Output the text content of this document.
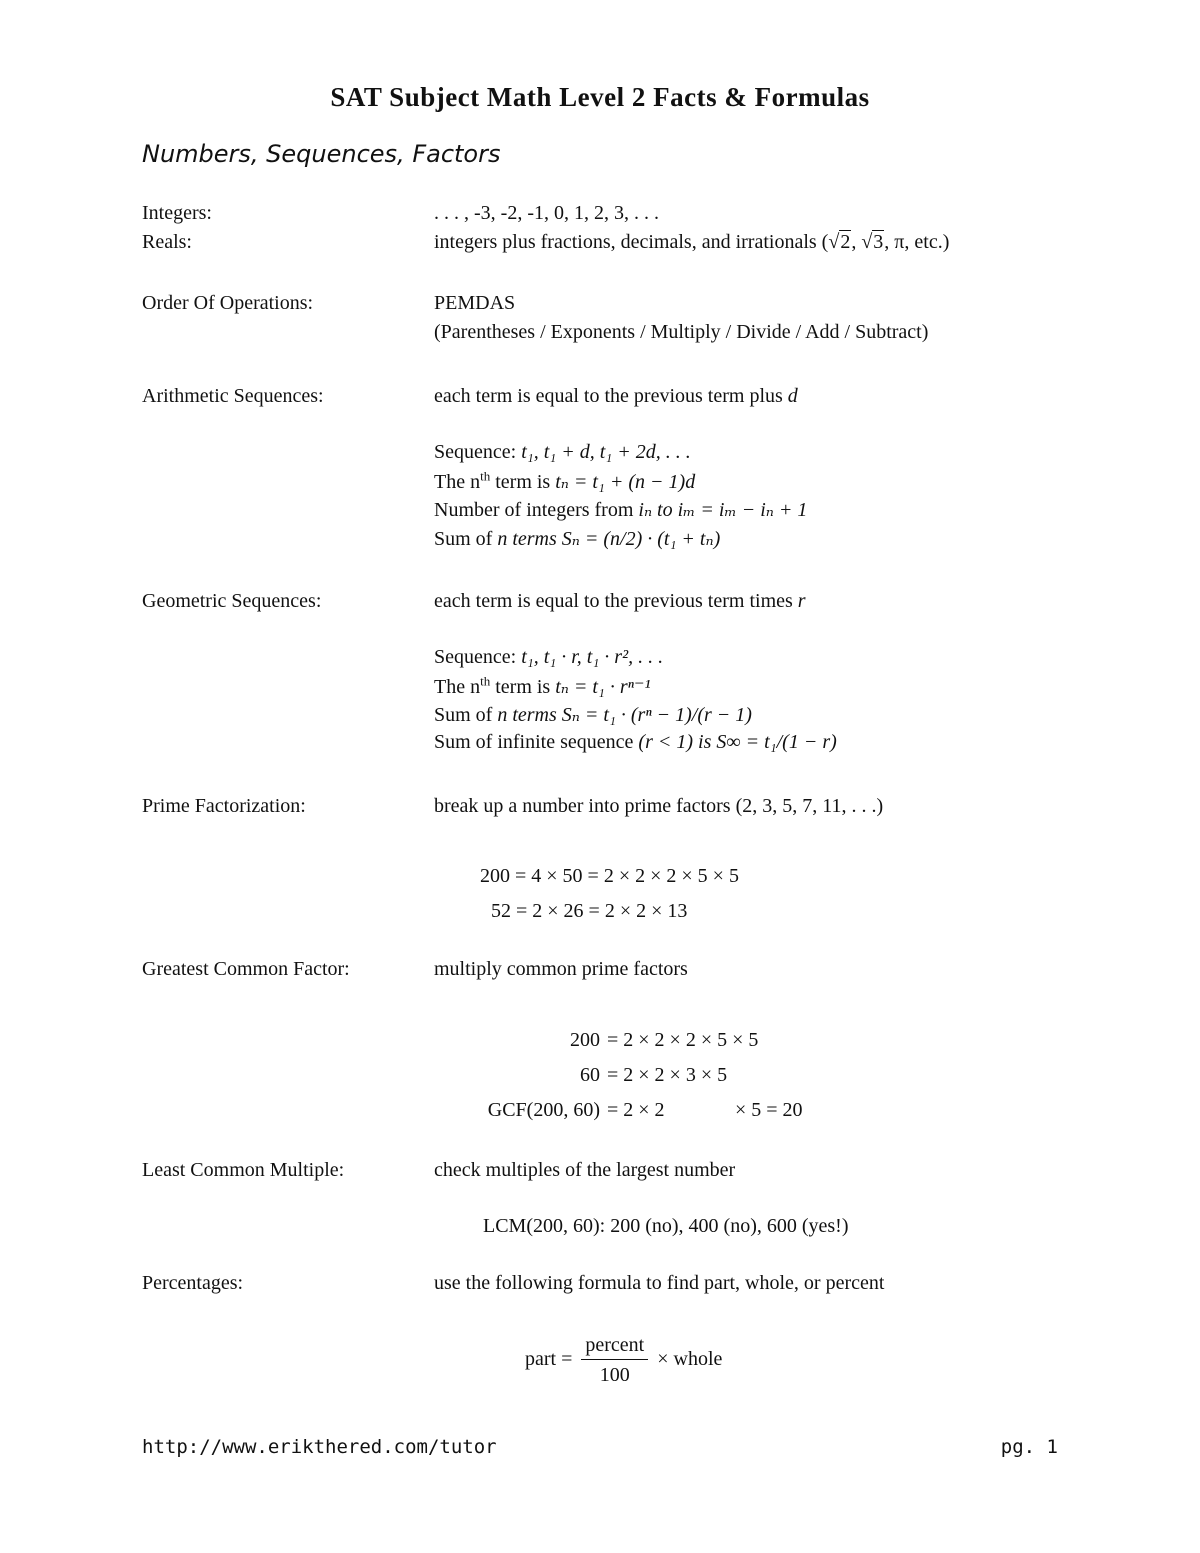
SAT Subject Math Level 2 Facts & Formulas
Numbers, Sequences, Factors
Integers:	. . . , -3, -2, -1, 0, 1, 2, 3, . . .
Reals:	integers plus fractions, decimals, and irrationals (√2, √3, π, etc.)
Order Of Operations:	PEMDAS
(Parentheses / Exponents / Multiply / Divide / Add / Subtract)
Arithmetic Sequences:	each term is equal to the previous term plus d
Sequence: t₁, t₁ + d, t₁ + 2d, . . .
The $n^{th}$ term is tₙ = t₁ + (n − 1)d
Number of integers from iₙ to iₘ = iₘ − iₙ + 1
Sum of n terms Sₙ = (n/2) · (t₁ + tₙ)
Geometric Sequences:	each term is equal to the previous term times r
Sequence: t₁, t₁ · r, t₁ · r², . . .
The $n^{th}$ term is tₙ = t₁ · rⁿ⁻¹
Sum of n terms Sₙ = t₁ · (rⁿ − 1)/(r − 1)
Sum of infinite sequence (r < 1) is S∞ = t₁/(1 − r)
Prime Factorization:	break up a number into prime factors (2, 3, 5, 7, 11, . . .)
200 = 4 × 50 = 2 × 2 × 2 × 5 × 5
52 = 2 × 26 = 2 × 2 × 13
Greatest Common Factor:	multiply common prime factors
200 = 2 × 2 × 2 × 5 × 5
60 = 2 × 2 × 3 × 5
GCF(200, 60) = 2 × 2	× 5 = 20
Least Common Multiple:	check multiples of the largest number
LCM(200, 60): 200 (no), 400 (no), 600 (yes!)
Percentages:	use the following formula to find part, whole, or percent
part = $\frac{\text{percent}}{100}$ × whole
http://www.erikthered.com/tutor	pg. 1
